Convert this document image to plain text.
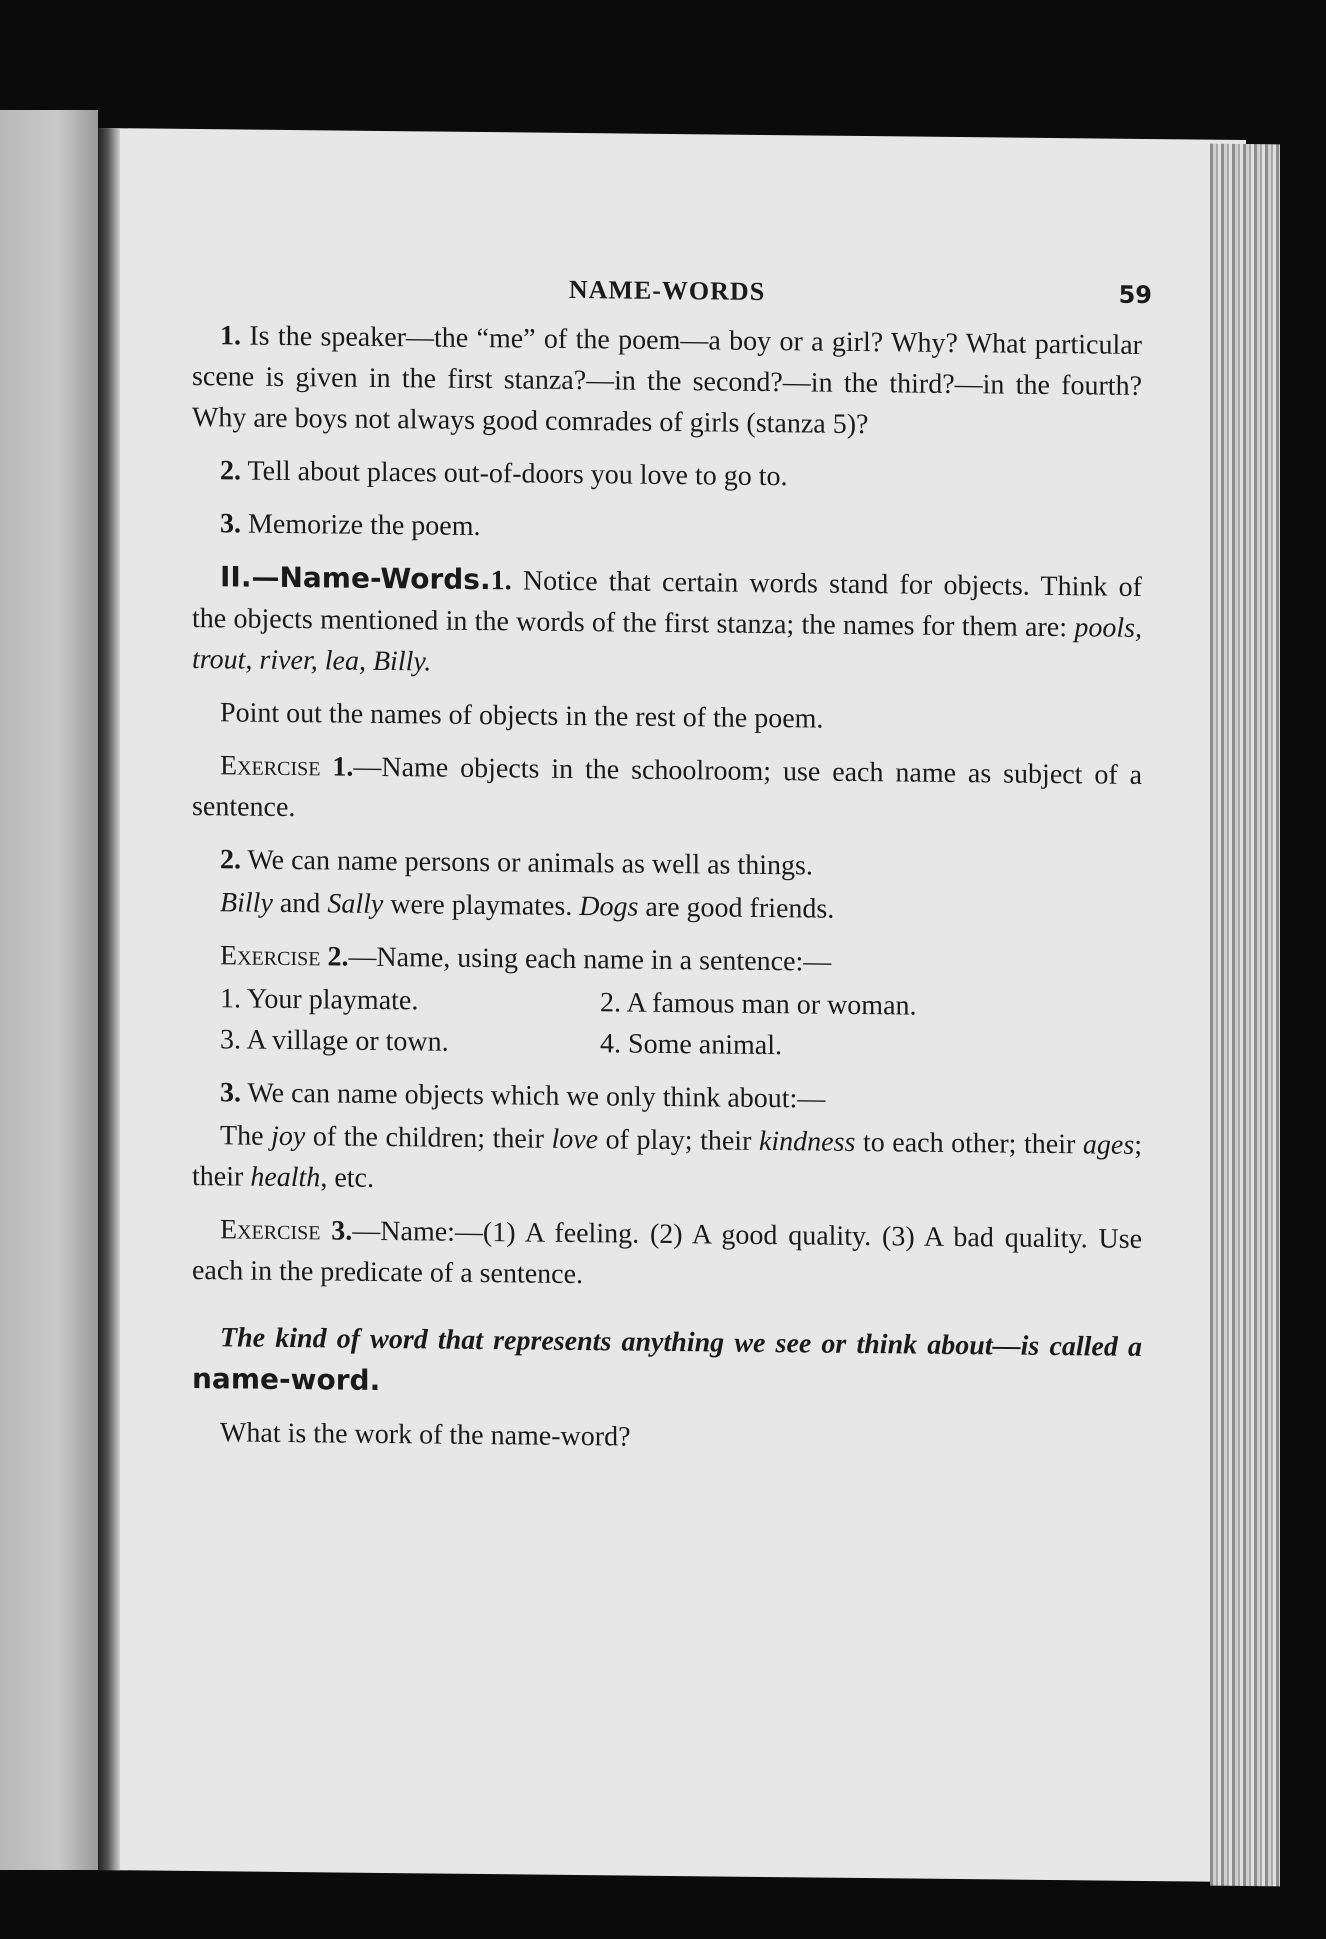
NAME-WORDS	59

1. Is the speaker—the “me” of the poem—a boy or a girl? Why? What particular scene is given in the first stanza?—in the second?—in the third?—in the fourth? Why are boys not always good comrades of girls (stanza 5)?

2. Tell about places out-of-doors you love to go to.

3. Memorize the poem.

II.—Name-Words.1. Notice that certain words stand for objects. Think of the objects mentioned in the words of the first stanza; the names for them are: pools, trout, river, lea, Billy.

Point out the names of objects in the rest of the poem.

Exercise 1.—Name objects in the schoolroom; use each name as subject of a sentence.

2. We can name persons or animals as well as things.

Billy and Sally were playmates. Dogs are good friends.

Exercise 2.—Name, using each name in a sentence:—

1. Your playmate.	2. A famous man or woman.
3. A village or town.	4. Some animal.

3. We can name objects which we only think about:—

The joy of the children; their love of play; their kindness to each other; their ages; their health, etc.

Exercise 3.—Name:—(1) A feeling. (2) A good quality. (3) A bad quality. Use each in the predicate of a sentence.

The kind of word that represents anything we see or think about—is called a name-word.

What is the work of the name-word?
